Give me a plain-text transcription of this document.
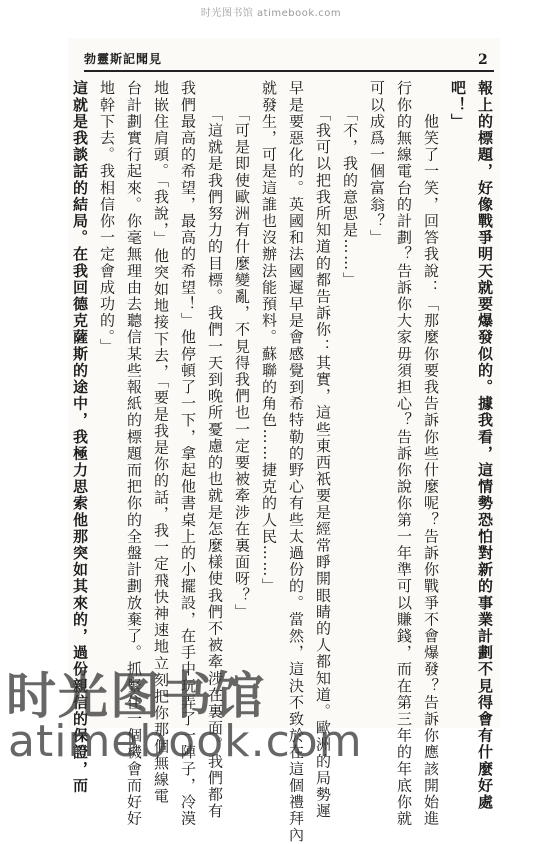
时光图书馆 atimebook.com
2
見聞記斯靈勃
報上的標題，好像戰爭明天就要爆發似的。據我看，這情勢恐怕對新的事業計劃不見得會有什麼好處
吧！」
　　他笑了一笑，回答我說：「那麼你要我告訴你些什麼呢？告訴你戰爭不會爆發？告訴你應該開始進
行你的無線電台的計劃？告訴你大家毋須担心？告訴你說你第一年準可以賺錢，而在第三年的年底你就
可以成爲一個富翁？」
　　「不，我的意思是……」
　　「我可以把我所知道的都告訴你：其實，這些東西祇要是經常睜開眼睛的人都知道。歐洲的局勢遲
早是要惡化的。英國和法國遲早是會感覺到希特勒的野心有些太過份的。當然，這決不致於在這個禮拜內
就發生，可是這誰也沒辦法能預料。蘇聯的角色……捷克的人民……」
　　「可是即使歐洲有什麼變亂，不見得我們也一定要被牽涉在裏面呀？」
　　「這就是我們努力的目標。我們一天到晚所憂慮的也就是怎麼樣使我們不被牽涉在裏面。我們都有
我們最高的希望，最高的希望！」他停頓了一下，拿起他書桌上的小擺設，在手中玩弄了一陣子，冷漠
地嵌住肩頭。「我說，」他突如地接下去，「要是我是你的話，我一定飛快神速地立刻把你那個無線電
台計劃實行起來。你毫無理由去聽信某些報紙的標題而把你的全盤計劃放棄了。抓緊住一個機會而好好
地幹下去。我相信你一定會成功的。」
這就是我談話的結局。在我回德克薩斯的途中，我極力思索他那突如其來的，過份親信的保證，而
时光图书馆
atimebook.com
